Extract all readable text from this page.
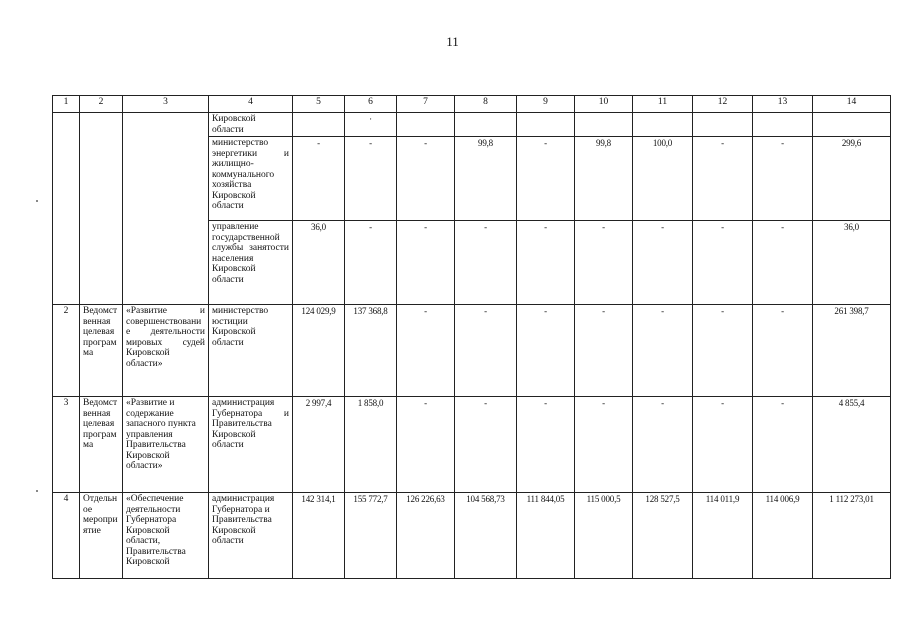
11
1	2	3	4	5	6	7	8	9	10	11	12	13	14
			Кировской области		·								
			министерство энергетики и жилищно-коммунального хозяйства Кировской области	-	-	-	99,8	-	99,8	100,0	-	-	299,6
			управление государственной службы занятости населения Кировской области	36,0	-	-	-	-	-	-	-	-	36,0
2	Ведомственная целевая программа	«Развитие и совершенствование деятельности мировых судей Кировской области»	министерство юстиции Кировской области	124 029,9	137 368,8	-	-	-	-	-	-	-	261 398,7
3	Ведомственная целевая программа	«Развитие и содержание запасного пункта управления Правительства Кировской области»	администрация Губернатора и Правительства Кировской области	2 997,4	1 858,0	-	-	-	-	-	-	-	4 855,4
4	Отдельное мероприятие	«Обеспечение деятельности Губернатора Кировской области, Правительства Кировской	администрация Губернатора и Правительства Кировской области	142 314,1	155 772,7	126 226,63	104 568,73	111 844,05	115 000,5	128 527,5	114 011,9	114 006,9	1 112 273,01
